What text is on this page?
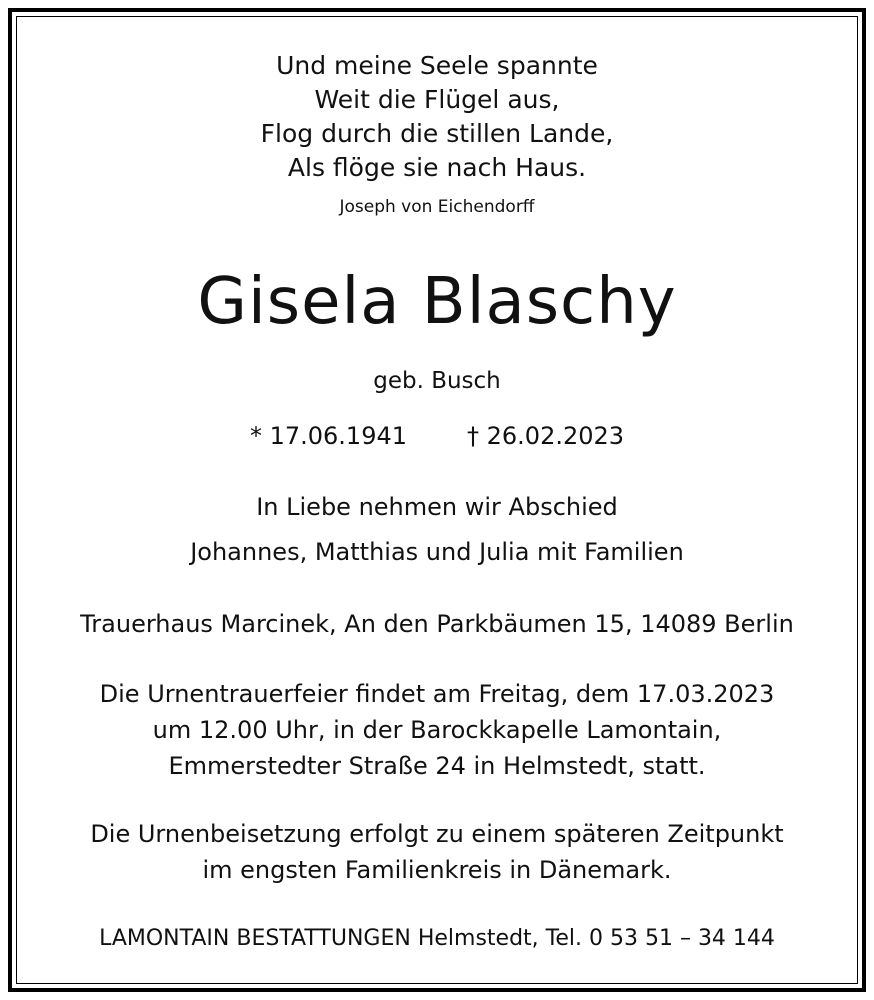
Und meine Seele spannte
Weit die Flügel aus,
Flog durch die stillen Lande,
Als flöge sie nach Haus.
Joseph von Eichendorff
Gisela Blaschy
geb. Busch
* 17.06.1941	† 26.02.2023
In Liebe nehmen wir Abschied
Johannes, Matthias und Julia mit Familien
Trauerhaus Marcinek, An den Parkbäumen 15, 14089 Berlin
Die Urnentrauerfeier findet am Freitag, dem 17.03.2023
um 12.00 Uhr, in der Barockkapelle Lamontain,
Emmerstedter Straße 24 in Helmstedt, statt.
Die Urnenbeisetzung erfolgt zu einem späteren Zeitpunkt
im engsten Familienkreis in Dänemark.
LAMONTAIN BESTATTUNGEN Helmstedt, Tel. 0 53 51 – 34 144
